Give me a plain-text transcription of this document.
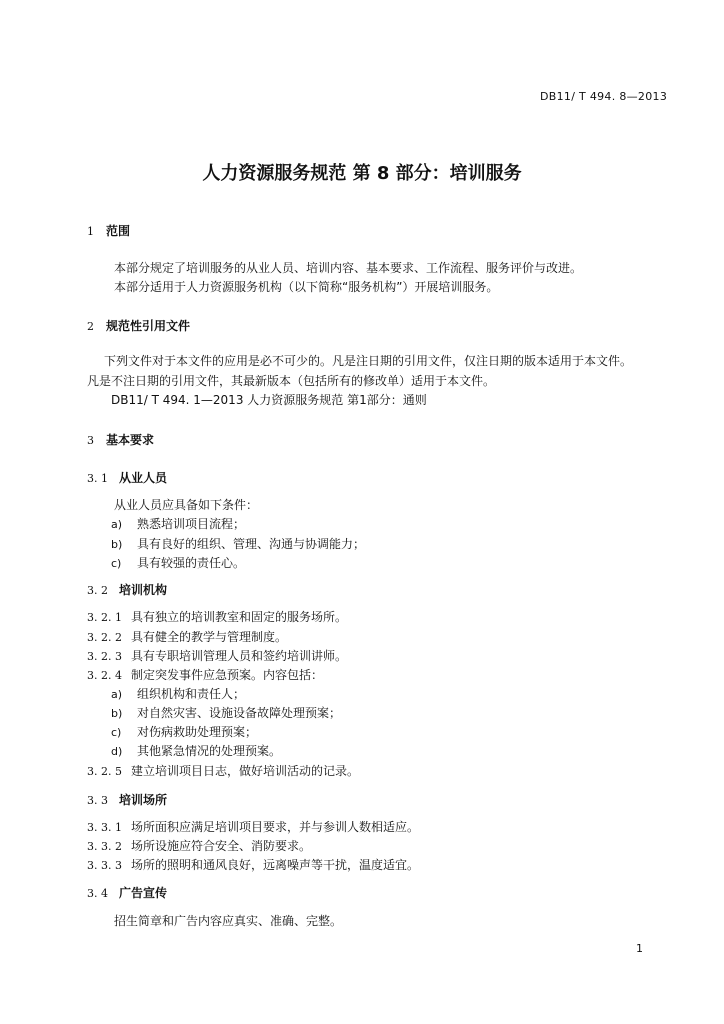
DB11/ T 494. 8—2013
人力资源服务规范 第 8 部分：培训服务
1 范围
本部分规定了培训服务的从业人员、培训内容、基本要求、工作流程、服务评价与改进。
本部分适用于人力资源服务机构（以下简称“服务机构”）开展培训服务。
2 规范性引用文件
下列文件对于本文件的应用是必不可少的。凡是注日期的引用文件，仅注日期的版本适用于本文件。
凡是不注日期的引用文件，其最新版本（包括所有的修改单）适用于本文件。
DB11/ T 494. 1—2013 人力资源服务规范 第1部分：通则
3 基本要求
3. 1 从业人员
从业人员应具备如下条件：
a) 熟悉培训项目流程；
b) 具有良好的组织、管理、沟通与协调能力；
c) 具有较强的责任心。
3. 2 培训机构
3. 2. 1 具有独立的培训教室和固定的服务场所。
3. 2. 2 具有健全的教学与管理制度。
3. 2. 3 具有专职培训管理人员和签约培训讲师。
3. 2. 4 制定突发事件应急预案。内容包括：
a) 组织机构和责任人；
b) 对自然灾害、设施设备故障处理预案；
c) 对伤病救助处理预案；
d) 其他紧急情况的处理预案。
3. 2. 5 建立培训项目日志，做好培训活动的记录。
3. 3 培训场所
3. 3. 1 场所面积应满足培训项目要求，并与参训人数相适应。
3. 3. 2 场所设施应符合安全、消防要求。
3. 3. 3 场所的照明和通风良好，远离噪声等干扰，温度适宜。
3. 4 广告宣传
招生简章和广告内容应真实、准确、完整。
1
